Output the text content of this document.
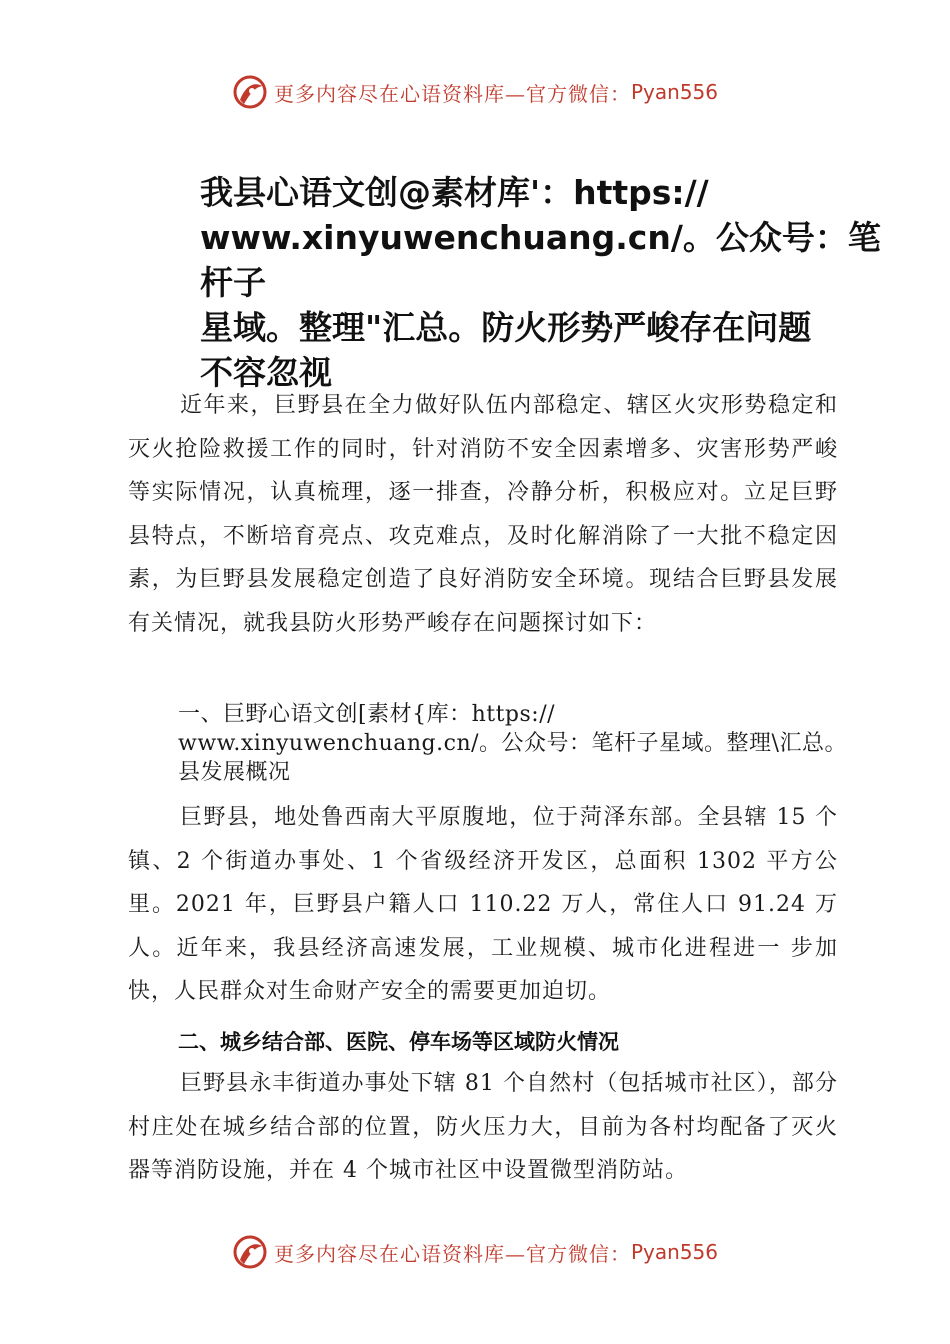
更多内容尽在心语资料库—官方微信： Pyan556
我县心语文创@素材库'：https://
www.xinyuwenchuang.cn/。公众号：笔杆子
星域。整理"汇总。防火形势严峻存在问题
不容忽视

近年来，巨野县在全力做好队伍内部稳定、辖区火灾形势稳定和灭火抢险救援工作的同时，针对消防不安全因素增多、灾害形势严峻等实际情况，认真梳理，逐一排查，冷静分析，积极应对。立足巨野县特点，不断培育亮点、攻克难点，及时化解消除了一大批不稳定因素，为巨野县发展稳定创造了良好消防安全环境。现结合巨野县发展有关情况，就我县防火形势严峻存在问题探讨如下：

一、巨野心语文创[素材{库：https://
www.xinyuwenchuang.cn/。公众号：笔杆子星域。整理\汇总。
县发展概况

巨野县，地处鲁西南大平原腹地，位于菏泽东部。全县辖 15 个镇、2 个街道办事处、1 个省级经济开发区，总面积 1302 平方公里。2021 年，巨野县户籍人口 110.22 万人，常住人口 91.24 万人。近年来，我县经济高速发展，工业规模、城市化进程进一 步加快，人民群众对生命财产安全的需要更加迫切。

二、城乡结合部、医院、停车场等区域防火情况

巨野县永丰街道办事处下辖 81 个自然村（包括城市社区），部分村庄处在城乡结合部的位置，防火压力大，目前为各村均配备了灭火器等消防设施，并在 4 个城市社区中设置微型消防站。

更多内容尽在心语资料库—官方微信： Pyan556
